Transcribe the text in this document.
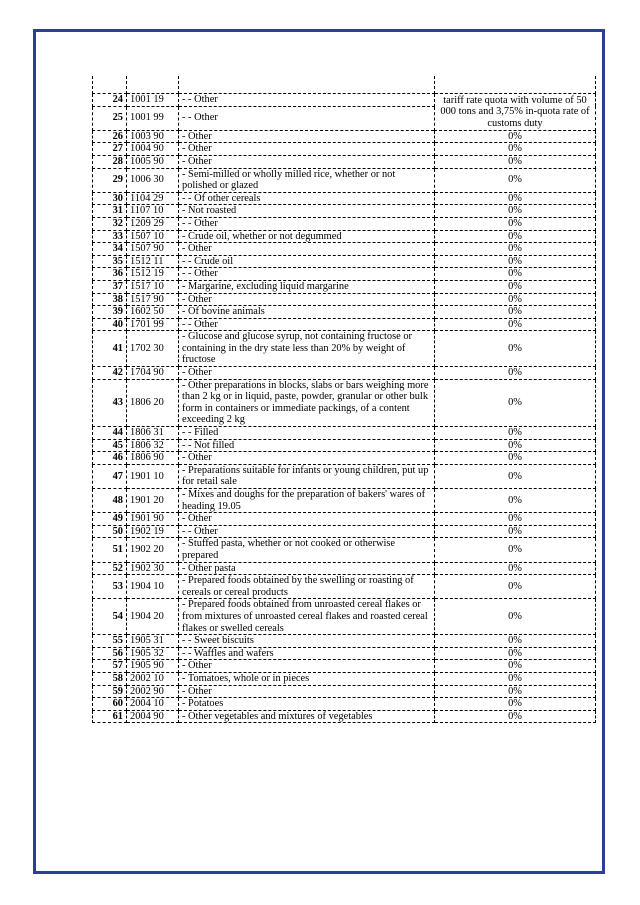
24	1001 19	- - Other	tariff rate quota with volume of 50 000 tons and 3,75% in-quota rate of customs duty
25	1001 99	- - Other	
26	1003 90	- Other	0%
27	1004 90	- Other	0%
28	1005 90	- Other	0%
29	1006 30	- Semi-milled or wholly milled rice, whether or not polished or glazed	0%
30	1104 29	- - Of other cereals	0%
31	1107 10	- Not roasted	0%
32	1209 29	- - Other	0%
33	1507 10	- Crude oil, whether or not degummed	0%
34	1507 90	- Other	0%
35	1512 11	- - Crude oil	0%
36	1512 19	- - Other	0%
37	1517 10	- Margarine, excluding liquid margarine	0%
38	1517 90	- Other	0%
39	1602 50	- Of bovine animals	0%
40	1701 99	- - Other	0%
41	1702 30	- Glucose and glucose syrup, not containing fructose or containing in the dry state less than 20% by weight of fructose	0%
42	1704 90	- Other	0%
43	1806 20	- Other preparations in blocks, slabs or bars weighing more than 2 kg or in liquid, paste, powder, granular or other bulk form in containers or immediate packings, of a content exceeding 2 kg	0%
44	1806 31	- - Filled	0%
45	1806 32	- - Not filled	0%
46	1806 90	- Other	0%
47	1901 10	- Preparations suitable for infants or young children, put up for retail sale	0%
48	1901 20	- Mixes and doughs for the preparation of bakers' wares of heading 19.05	0%
49	1901 90	- Other	0%
50	1902 19	- - Other	0%
51	1902 20	- Stuffed pasta, whether or not cooked or otherwise prepared	0%
52	1902 30	- Other pasta	0%
53	1904 10	- Prepared foods obtained by the swelling or roasting of cereals or cereal products	0%
54	1904 20	- Prepared foods obtained from unroasted cereal flakes or from mixtures of unroasted cereal flakes and roasted cereal flakes or swelled cereals	0%
55	1905 31	- - Sweet biscuits	0%
56	1905 32	- - Waffles and wafers	0%
57	1905 90	- Other	0%
58	2002 10	- Tomatoes, whole or in pieces	0%
59	2002 90	- Other	0%
60	2004 10	- Potatoes	0%
61	2004 90	- Other vegetables and mixtures of vegetables	0%
